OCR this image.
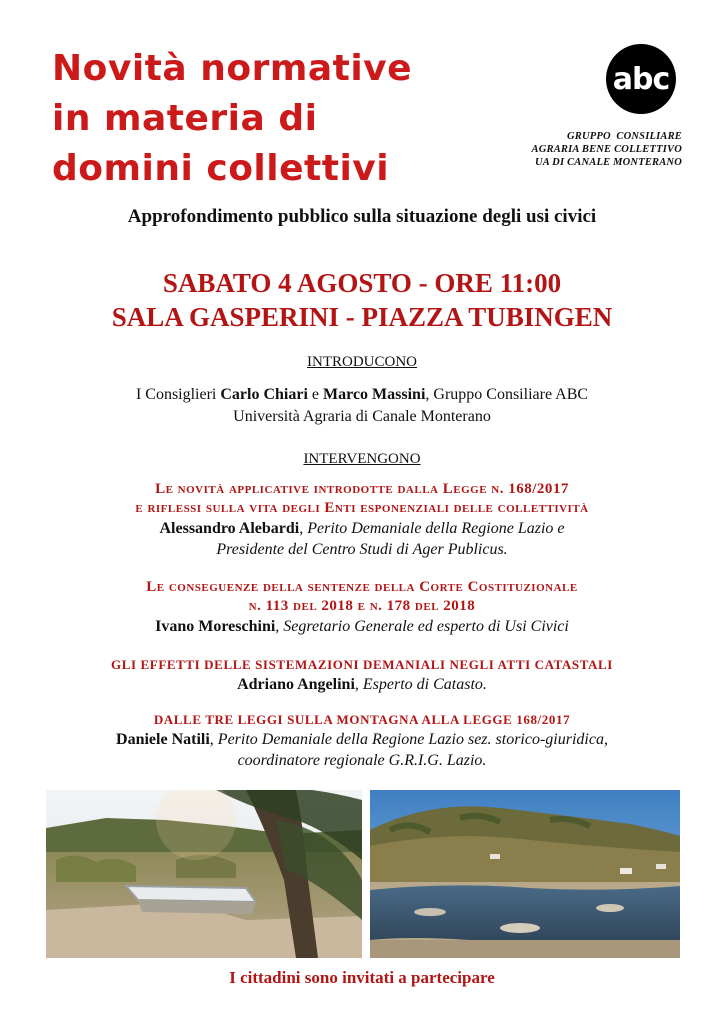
Novità normative
in materia di
domini collettivi
abc
GRUPPO  CONSILIARE
AGRARIA BENE COLLETTIVO
UA DI CANALE MONTERANO
Approfondimento pubblico sulla situazione degli usi civici
SABATO 4 AGOSTO - ORE 11:00
SALA GASPERINI - PIAZZA TUBINGEN
INTRODUCONO
I Consiglieri Carlo Chiari e Marco Massini, Gruppo Consiliare ABC
Università Agraria di Canale Monterano
INTERVENGONO
Le novità applicative introdotte dalla Legge n. 168/2017
e riflessi sulla vita degli Enti esponenziali delle collettività
Alessandro Alebardi, Perito Demaniale della Regione Lazio e
Presidente del Centro Studi di Ager Publicus.
Le conseguenze della sentenze della Corte Costituzionale
n. 113 del 2018 e n. 178 del 2018
Ivano Moreschini, Segretario Generale ed esperto di Usi Civici
GLI EFFETTI DELLE SISTEMAZIONI DEMANIALI NEGLI ATTI CATASTALI
Adriano Angelini, Esperto di Catasto.
DALLE TRE LEGGI SULLA MONTAGNA ALLA LEGGE 168/2017
Daniele Natili, Perito Demaniale della Regione Lazio sez. storico-giuridica,
coordinatore regionale G.R.I.G. Lazio.
I cittadini sono invitati a partecipare
